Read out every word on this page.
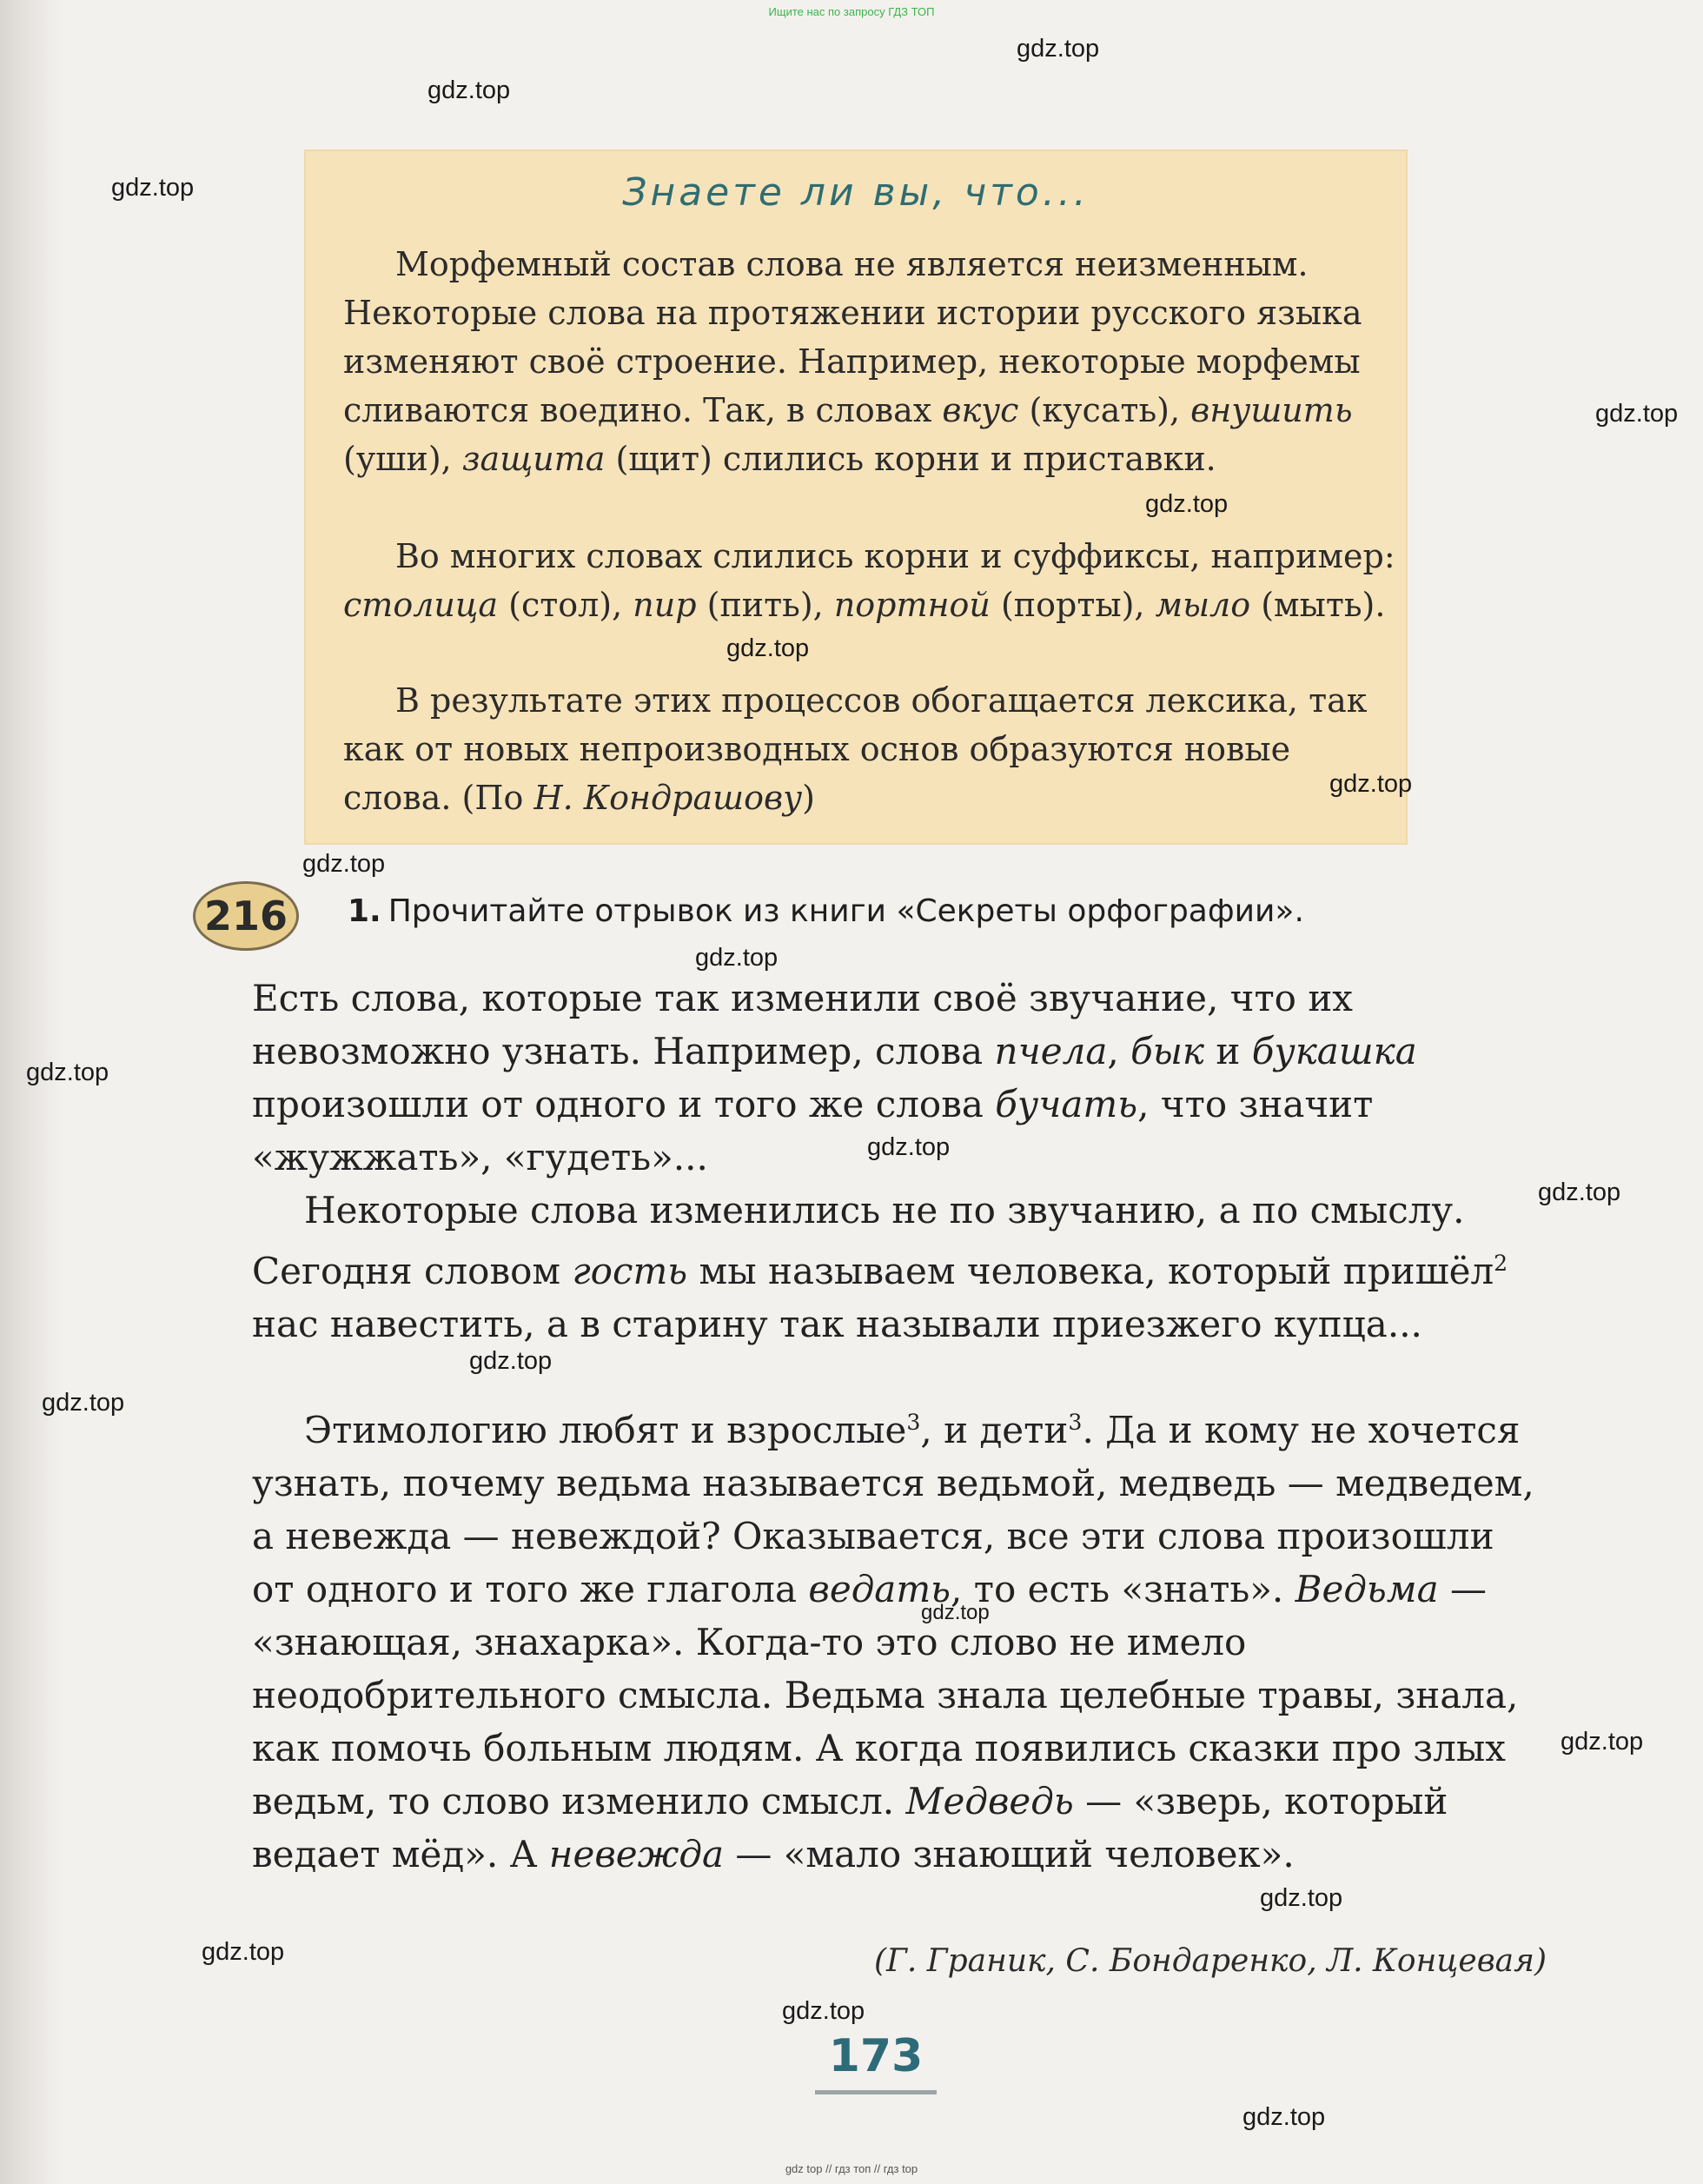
Ищите нас по запросу ГДЗ ТОП
Знаете ли вы, что...
Морфемный состав слова не является неизменным. Некоторые слова на протяжении истории русского языка изменяют своё строение. Например, некоторые морфемы сливаются воедино. Так, в словах вкус (кусать), внушить (уши), защита (щит) слились корни и приставки.
Во многих словах слились корни и суффиксы, например: столица (стол), пир (пить), портной (порты), мыло (мыть).
В результате этих процессов обогащается лексика, так как от новых непроизводных основ образуются новые слова. (По Н. Кондрашову)
216	1. Прочитайте отрывок из книги «Секреты орфографии».
Есть слова, которые так изменили своё звучание, что их невозможно узнать. Например, слова пчела, бык и букашка произошли от одного и того же слова бучать, что значит «жужжать», «гудеть»...
Некоторые слова изменились не по звучанию, а по смыслу. Сегодня словом гость мы называем человека, который пришёл$^2$ нас навестить, а в старину так называли приезжего купца...
Этимологию любят и взрослые$^3$, и дети$^3$. Да и кому не хочется узнать, почему ведьма называется ведьмой, медведь — медведем, а невежда — невеждой? Оказывается, все эти слова произошли от одного и того же глагола ведать, то есть «знать». Ведьма — «знающая, знахарка». Когда-то это слово не имело неодобрительного смысла. Ведьма знала целебные травы, знала, как помочь больным людям. А когда появились сказки про злых ведьм, то слово изменило смысл. Медведь — «зверь, который ведает мёд». А невежда — «мало знающий человек».
(Г. Граник, С. Бондаренко, Л. Концевая)
173
gdz.top
gdz.top
gdz.top
gdz.top
gdz.top
gdz.top
gdz.top
gdz.top
gdz.top
gdz.top
gdz.top
gdz.top
gdz.top
gdz.top
gdz.top
gdz.top
gdz.top
gdz.top
gdz.top
gdz.top
gdz top // гдз топ // гдз top
